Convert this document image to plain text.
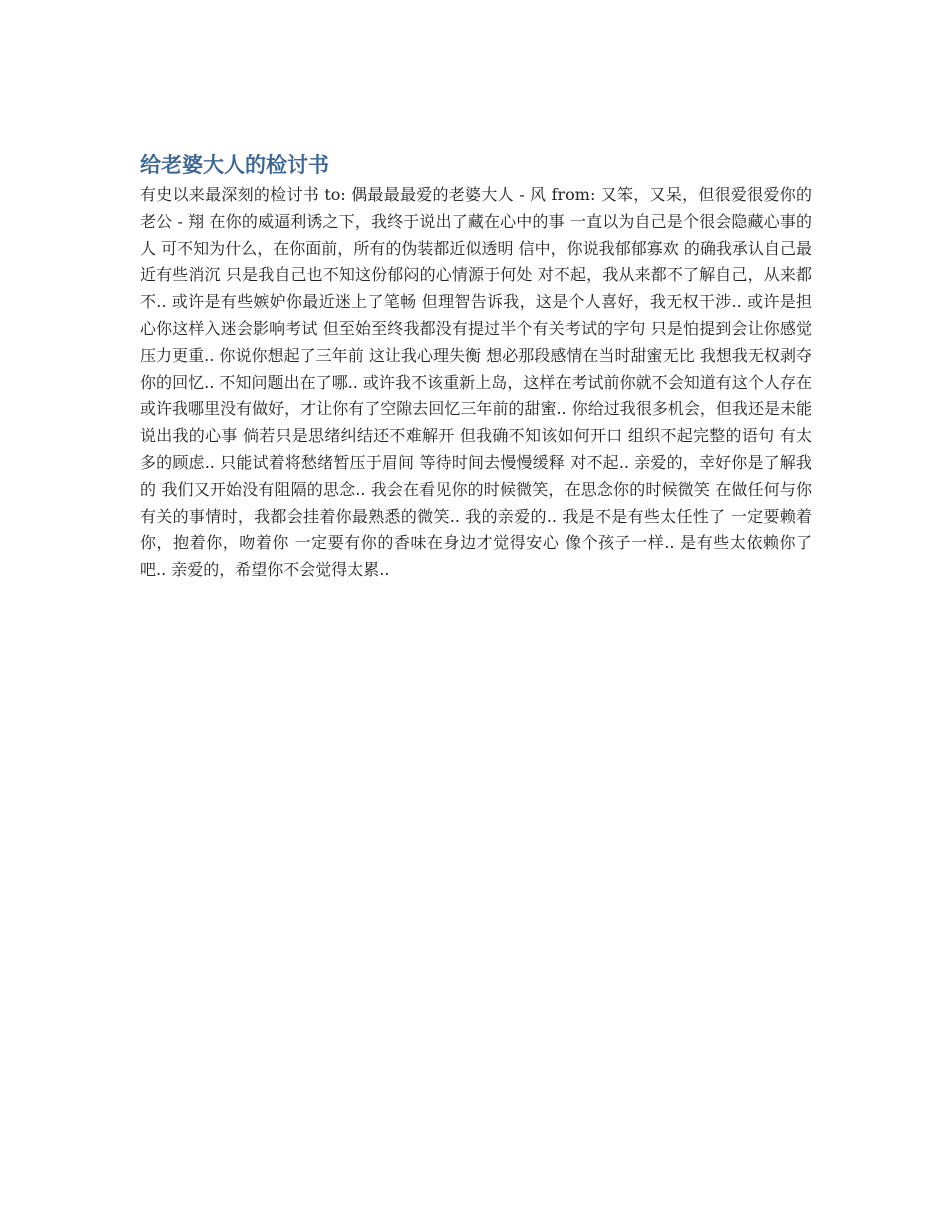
给老婆大人的检讨书

有史以来最深刻的检讨书 to: 偶最最最爱的老婆大人 - 风 from: 又笨，又呆，但很爱很爱你的老公 - 翔 在你的威逼利诱之下，我终于说出了藏在心中的事 一直以为自己是个很会隐藏心事的人 可不知为什么，在你面前，所有的伪装都近似透明 信中，你说我郁郁寡欢 的确我承认自己最近有些消沉 只是我自己也不知这份郁闷的心情源于何处 对不起，我从来都不了解自己，从来都不.. 或许是有些嫉妒你最近迷上了笔畅 但理智告诉我，这是个人喜好，我无权干涉.. 或许是担心你这样入迷会影响考试 但至始至终我都没有提过半个有关考试的字句 只是怕提到会让你感觉压力更重.. 你说你想起了三年前 这让我心理失衡 想必那段感情在当时甜蜜无比 我想我无权剥夺你的回忆.. 不知问题出在了哪.. 或许我不该重新上岛，这样在考试前你就不会知道有这个人存在 或许我哪里没有做好，才让你有了空隙去回忆三年前的甜蜜.. 你给过我很多机会，但我还是未能说出我的心事 倘若只是思绪纠结还不难解开 但我确不知该如何开口 组织不起完整的语句 有太多的顾虑.. 只能试着将愁绪暂压于眉间 等待时间去慢慢缓释 对不起.. 亲爱的，幸好你是了解我的 我们又开始没有阻隔的思念.. 我会在看见你的时候微笑，在思念你的时候微笑 在做任何与你有关的事情时，我都会挂着你最熟悉的微笑.. 我的亲爱的.. 我是不是有些太任性了 一定要赖着你，抱着你，吻着你 一定要有你的香味在身边才觉得安心 像个孩子一样.. 是有些太依赖你了吧.. 亲爱的，希望你不会觉得太累..
